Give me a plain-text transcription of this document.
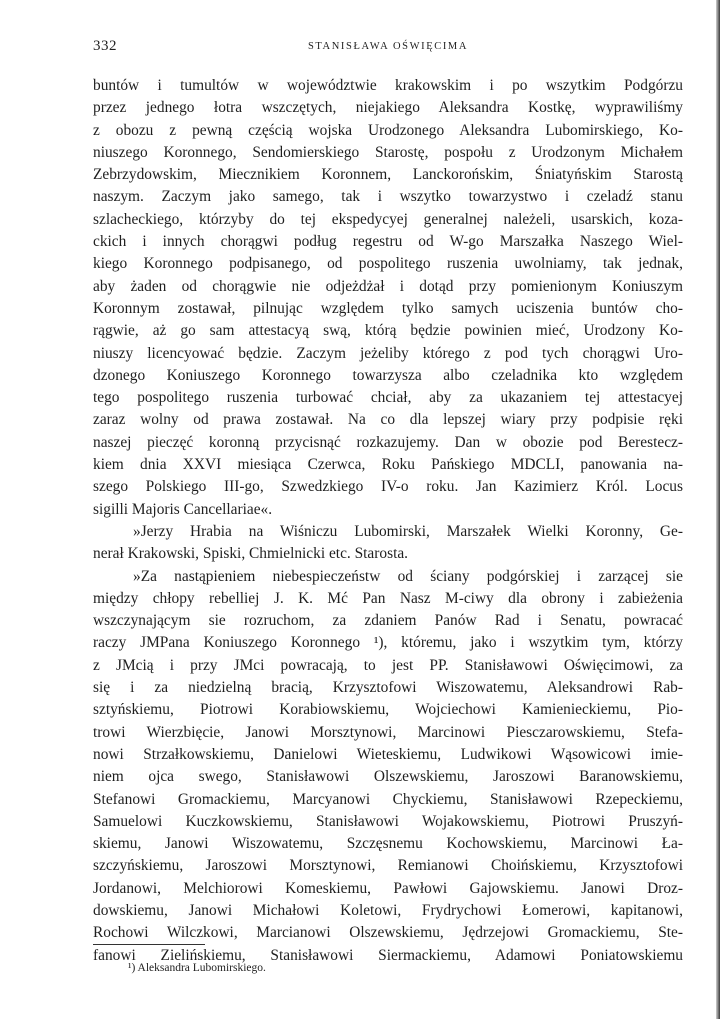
332	STANISŁAWA OŚWIĘCIMA
buntów i tumultów w województwie krakowskim i po wszytkim Podgórzu
przez jednego łotra wszczętych, niejakiego Aleksandra Kostkę, wyprawiliśmy
z obozu z pewną częścią wojska Urodzonego Aleksandra Lubomirskiego, Ko-
niuszego Koronnego, Sendomierskiego Starostę, pospołu z Urodzonym Michałem
Zebrzydowskim, Miecznikiem Koronnem, Lanckorońskim, Śniatyńskim Starostą
naszym. Zaczym jako samego, tak i wszytko towarzystwo i czeladź stanu
szlacheckiego, którzyby do tej ekspedycyej generalnej należeli, usarskich, koza-
ckich i innych chorągwi podług regestru od W-go Marszałka Naszego Wiel-
kiego Koronnego podpisanego, od pospolitego ruszenia uwolniamy, tak jednak,
aby żaden od chorągwie nie odjeżdżał i dotąd przy pomienionym Koniuszym
Koronnym zostawał, pilnując względem tylko samych uciszenia buntów cho-
rągwie, aż go sam attestacyą swą, którą będzie powinien mieć, Urodzony Ko-
niuszy licencyować będzie. Zaczym jeżeliby którego z pod tych chorągwi Uro-
dzonego Koniuszego Koronnego towarzysza albo czeladnika kto względem
tego pospolitego ruszenia turbować chciał, aby za ukazaniem tej attestacyej
zaraz wolny od prawa zostawał. Na co dla lepszej wiary przy podpisie ręki
naszej pieczęć koronną przycisnąć rozkazujemy. Dan w obozie pod Berestecz-
kiem dnia XXVI miesiąca Czerwca, Roku Pańskiego MDCLI, panowania na-
szego Polskiego III-go, Szwedzkiego IV-o roku. Jan Kazimierz Król. Locus
sigilli Majoris Cancellariae«.
»Jerzy Hrabia na Wiśniczu Lubomirski, Marszałek Wielki Koronny, Ge-
nerał Krakowski, Spiski, Chmielnicki etc. Starosta.
»Za nastąpieniem niebespieczeństw od ściany podgórskiej i zarzącej sie
między chłopy rebelliej J. K. Mć Pan Nasz M-ciwy dla obrony i zabieżenia
wszczynającym sie rozruchom, za zdaniem Panów Rad i Senatu, powracać
raczy JMPana Koniuszego Koronnego ¹), któremu, jako i wszytkim tym, którzy
z JMcią i przy JMci powracają, to jest PP. Stanisławowi Oświęcimowi, za
się i za niedzielną bracią, Krzysztofowi Wiszowatemu, Aleksandrowi Rab-
sztyńskiemu, Piotrowi Korabiowskiemu, Wojciechowi Kamienieckiemu, Pio-
trowi Wierzbięcie, Janowi Morsztynowi, Marcinowi Piesczarowskiemu, Stefa-
nowi Strzałkowskiemu, Danielowi Wieteskiemu, Ludwikowi Wąsowicowi imie-
niem ojca swego, Stanisławowi Olszewskiemu, Jaroszowi Baranowskiemu,
Stefanowi Gromackiemu, Marcyanowi Chyckiemu, Stanisławowi Rzepeckiemu,
Samuelowi Kuczkowskiemu, Stanisławowi Wojakowskiemu, Piotrowi Pruszyń-
skiemu, Janowi Wiszowatemu, Szczęsnemu Kochowskiemu, Marcinowi Ła-
szczyńskiemu, Jaroszowi Morsztynowi, Remianowi Choińskiemu, Krzysztofowi
Jordanowi, Melchiorowi Komeskiemu, Pawłowi Gajowskiemu. Janowi Droz-
dowskiemu, Janowi Michałowi Koletowi, Frydrychowi Łomerowi, kapitanowi,
Rochowi Wilczkowi, Marcianowi Olszewskiemu, Jędrzejowi Gromackiemu, Ste-
fanowi Zielińskiemu, Stanisławowi Siermackiemu, Adamowi Poniatowskiemu
¹) Aleksandra Lubomirskiego.
